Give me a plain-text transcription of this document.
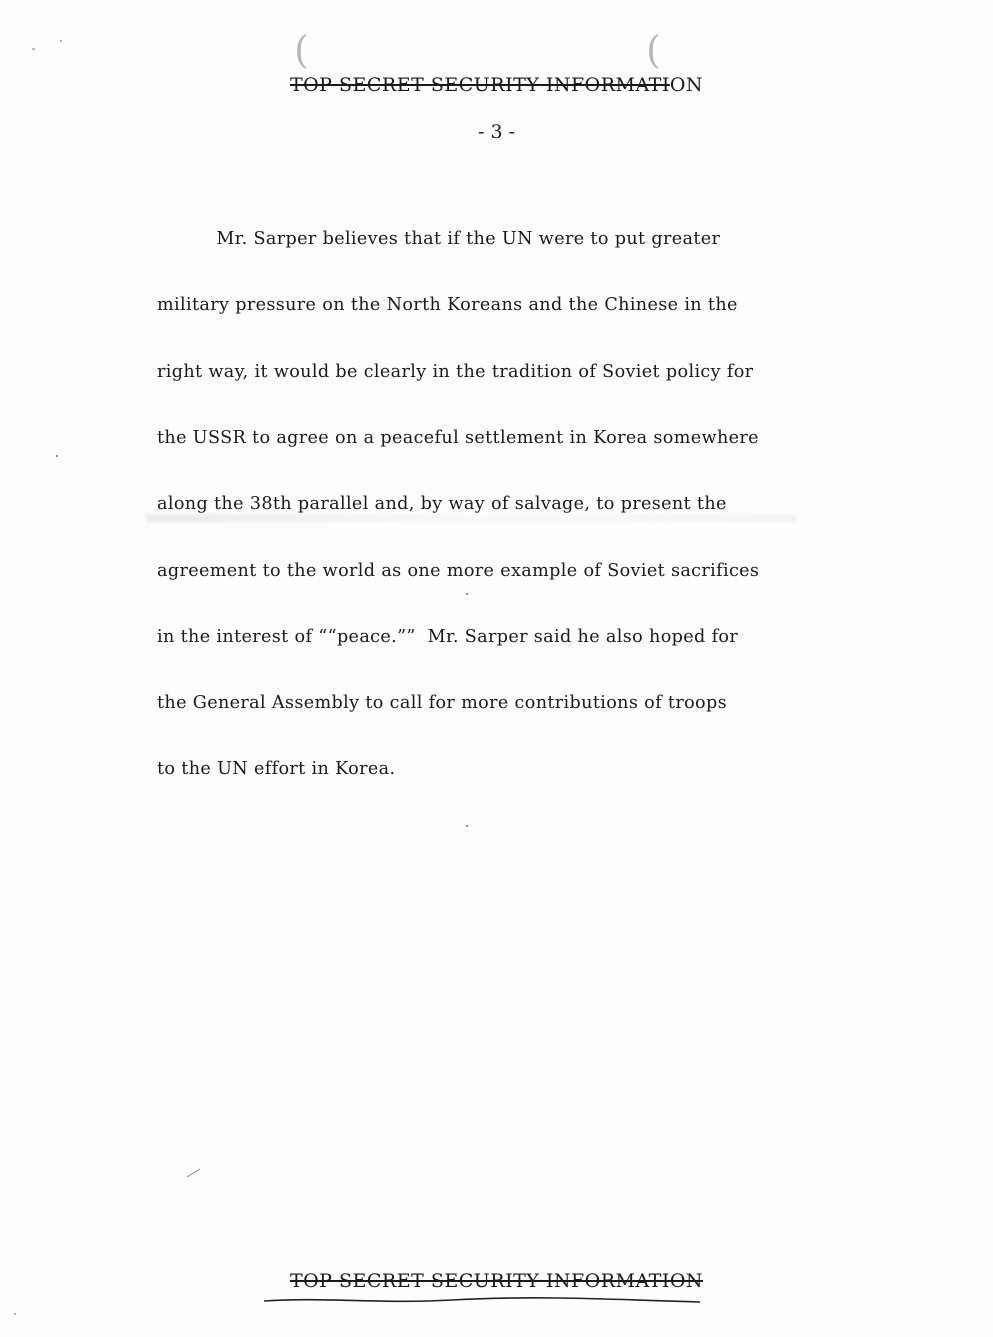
(	(
TOP SECRET SECURITY INFORMATION
- 3 -

Mr. Sarper believes that if the UN were to put greater

military pressure on the North Koreans and the Chinese in the

right way, it would be clearly in the tradition of Soviet policy for

the USSR to agree on a peaceful settlement in Korea somewhere

along the 38th parallel and, by way of salvage, to present the

agreement to the world as one more example of Soviet sacrifices

in the interest of ““peace.””  Mr. Sarper said he also hoped for

the General Assembly to call for more contributions of troops

to the UN effort in Korea.

TOP SECRET SECURITY INFORMATION
